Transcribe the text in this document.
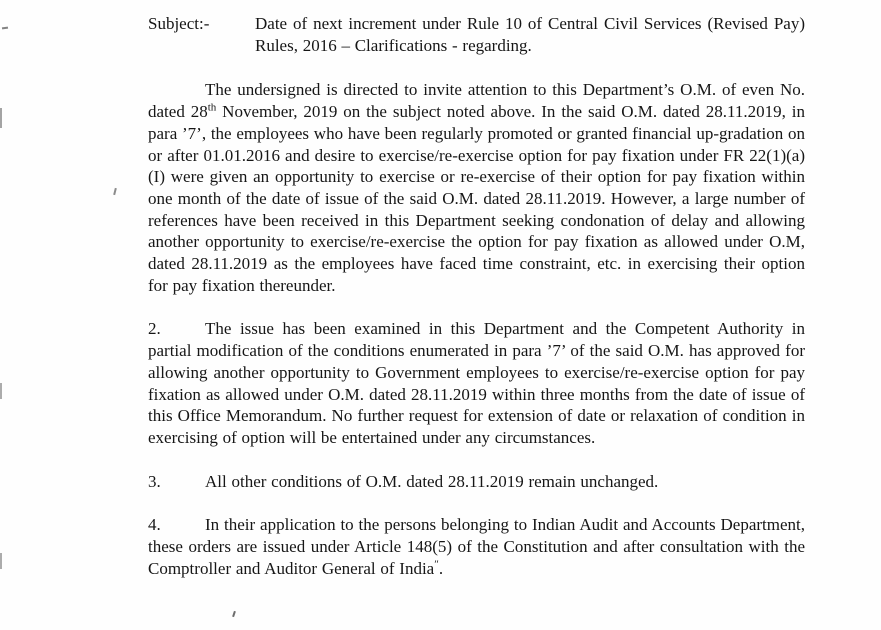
Subject:-	Date of next increment under Rule 10 of Central Civil Services (Revised Pay) Rules, 2016 – Clarifications - regarding.
The undersigned is directed to invite attention to this Department’s O.M. of even No. dated 28th November, 2019 on the subject noted above. In the said O.M. dated 28.11.2019, in para ’7’, the employees who have been regularly promoted or granted financial up-gradation on or after 01.01.2016 and desire to exercise/re-exercise option for pay fixation under FR 22(1)(a)(I) were given an opportunity to exercise or re-exercise of their option for pay fixation within one month of the date of issue of the said O.M. dated 28.11.2019. However, a large number of references have been received in this Department seeking condonation of delay and allowing another opportunity to exercise/re-exercise the option for pay fixation as allowed under O.M, dated 28.11.2019 as the employees have faced time constraint, etc. in exercising their option for pay fixation thereunder.
2.	The issue has been examined in this Department and the Competent Authority in partial modification of the conditions enumerated in para ’7’ of the said O.M. has approved for allowing another opportunity to Government employees to exercise/re-exercise option for pay fixation as allowed under O.M. dated 28.11.2019 within three months from the date of issue of this Office Memorandum. No further request for extension of date or relaxation of condition in exercising of option will be entertained under any circumstances.
3.	All other conditions of O.M. dated 28.11.2019 remain unchanged.
4.	In their application to the persons belonging to Indian Audit and Accounts Department, these orders are issued under Article 148(5) of the Constitution and after consultation with the Comptroller and Auditor General of India″.
